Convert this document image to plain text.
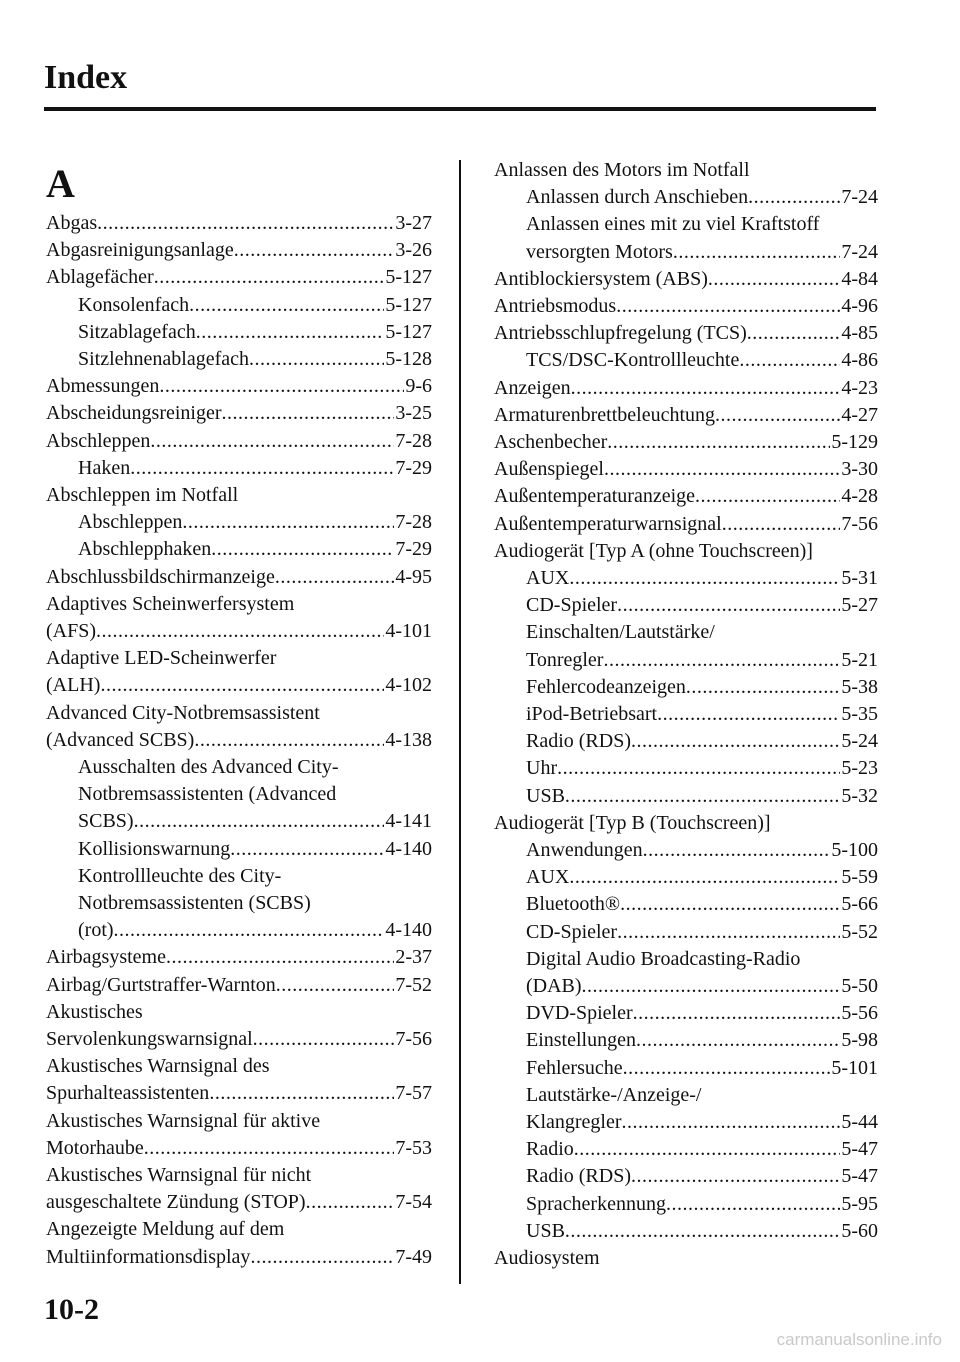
Index
A
Abgas .....	3-27
Abgasreinigungsanlage .....	3-26
Ablagefächer .....	5-127
Konsolenfach .....	5-127
Sitzablagefach .....	5-127
Sitzlehnenablagefach .....	5-128
Abmessungen .....	9-6
Abscheidungsreiniger .....	3-25
Abschleppen .....	7-28
Haken .....	7-29
Abschleppen im Notfall
Abschleppen .....	7-28
Abschlepphaken .....	7-29
Abschlussbildschirmanzeige .....	4-95
Adaptives Scheinwerfersystem
(AFS) .....	4-101
Adaptive LED-Scheinwerfer
(ALH) .....	4-102
Advanced City-Notbremsassistent
(Advanced SCBS) .....	4-138
Ausschalten des Advanced City-
Notbremsassistenten (Advanced
SCBS) .....	4-141
Kollisionswarnung .....	4-140
Kontrollleuchte des City-
Notbremsassistenten (SCBS)
(rot) .....	4-140
Airbagsysteme .....	2-37
Airbag/Gurtstraffer-Warnton .....	7-52
Akustisches
Servolenkungswarnsignal .....	7-56
Akustisches Warnsignal des
Spurhalteassistenten .....	7-57
Akustisches Warnsignal für aktive
Motorhaube .....	7-53
Akustisches Warnsignal für nicht
ausgeschaltete Zündung (STOP) .....	7-54
Angezeigte Meldung auf dem
Multiinformationsdisplay .....	7-49
Anlassen des Motors im Notfall
Anlassen durch Anschieben .....	7-24
Anlassen eines mit zu viel Kraftstoff
versorgten Motors .....	7-24
Antiblockiersystem (ABS) .....	4-84
Antriebsmodus .....	4-96
Antriebsschlupfregelung (TCS) .....	4-85
TCS/DSC-Kontrollleuchte .....	4-86
Anzeigen .....	4-23
Armaturenbrettbeleuchtung .....	4-27
Aschenbecher .....	5-129
Außenspiegel .....	3-30
Außentemperaturanzeige .....	4-28
Außentemperaturwarnsignal .....	7-56
Audiogerät [Typ A (ohne Touchscreen)]
AUX .....	5-31
CD-Spieler .....	5-27
Einschalten/Lautstärke/
Tonregler .....	5-21
Fehlercodeanzeigen .....	5-38
iPod-Betriebsart .....	5-35
Radio (RDS) .....	5-24
Uhr .....	5-23
USB .....	5-32
Audiogerät [Typ B (Touchscreen)]
Anwendungen .....	5-100
AUX .....	5-59
Bluetooth® .....	5-66
CD-Spieler .....	5-52
Digital Audio Broadcasting-Radio
(DAB) .....	5-50
DVD-Spieler .....	5-56
Einstellungen .....	5-98
Fehlersuche .....	5-101
Lautstärke-/Anzeige-/
Klangregler .....	5-44
Radio .....	5-47
Radio (RDS) .....	5-47
Spracherkennung .....	5-95
USB .....	5-60
Audiosystem
10-2
carmanualsonline.info
